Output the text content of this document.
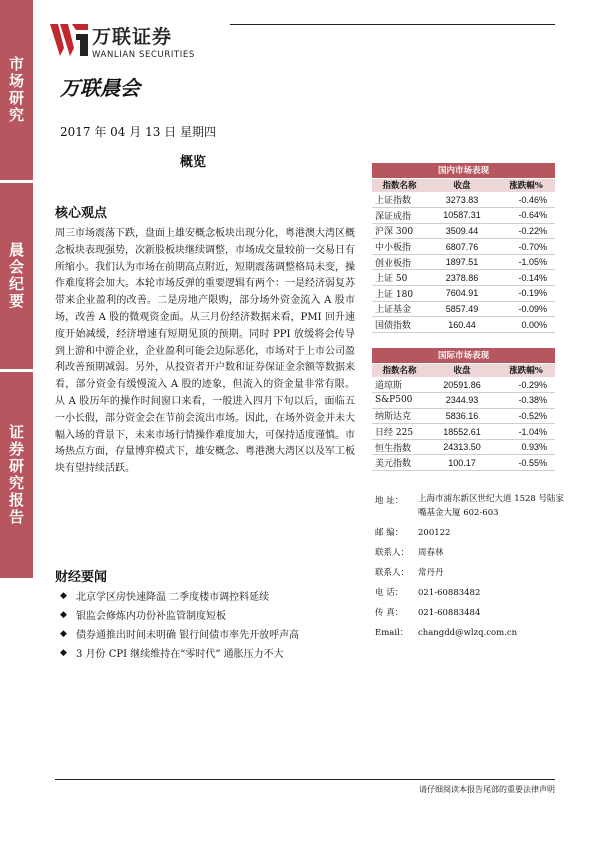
市场研究
晨会纪要
证券研究报告
万联证券
WANLIAN SECURITIES
万联晨会
2017 年 04 月 13 日 星期四
概览
核心观点

周三市场震荡下跌，盘面上雄安概念板块出现分化，粤港澳大湾区概念板块表现强势，次新股板块继续调整，市场成交量较前一交易日有所缩小。我们认为市场在前期高点附近，短期震荡调整格局未变，操作难度将会加大。本轮市场反弹的重要逻辑有两个：一是经济弱复苏带来企业盈利的改善。二是房地产限购，部分场外资金流入 A 股市场，改善 A 股的微观资金面。从三月份经济数据来看，PMI 回升速度开始减缓，经济增速有短期见顶的预期。同时 PPI 放缓将会传导到上游和中游企业，企业盈利可能会边际恶化，市场对于上市公司盈利改善预期减弱。另外，从投资者开户数和证券保证金余额等数据来看，部分资金有缓慢流入 A 股的迹象，但流入的资金量非常有限。从 A 股历年的操作时间窗口来看，一般进入四月下旬以后，面临五一小长假，部分资金会在节前会流出市场。因此，在场外资金并未大幅入场的背景下，未来市场行情操作难度加大，可保持适度谨慎。市场热点方面，存量博弈模式下，雄安概念、粤港澳大湾区以及军工板块有望持续活跃。

财经要闻
◆ 北京学区房快速降温 二季度楼市调控料延续
◆ 银监会修炼内功份补监管制度短板
◆ 债券通推出时间未明确 银行间债市率先开放呼声高
◆ 3 月份 CPI 继续维持在“零时代” 通胀压力不大
国内市场表现		
指数名称	收盘	涨跌幅%
上证指数	3273.83	-0.46%
深证成指	10587.31	-0.64%
沪深 300	3509.44	-0.22%
中小板指	6807.76	-0.70%
创业板指	1897.51	-1.05%
上证 50	2378.86	-0.14%
上证 180	7604.91	-0.19%
上证基金	5857.49	-0.09%
国债指数	160.44	0.00%
国际市场表现		
指数名称	收盘	涨跌幅%
道琼斯	20591.86	-0.29%
S&P500	2344.93	-0.38%
纳斯达克	5836.16	-0.52%
日经 225	18552.61	-1.04%
恒生指数	24313.50	0.93%
美元指数	100.17	-0.55%
地 址：	上海市浦东新区世纪大道 1528 号陆家嘴基金大厦 602-603
邮 编：	200122
联系人：	周春林
联系人：	常丹丹
电 话：	021-60883482
传 真：	021-60883484
Email：	changdd@wlzq.com.cn
请仔细阅读本报告尾部的重要法律声明
